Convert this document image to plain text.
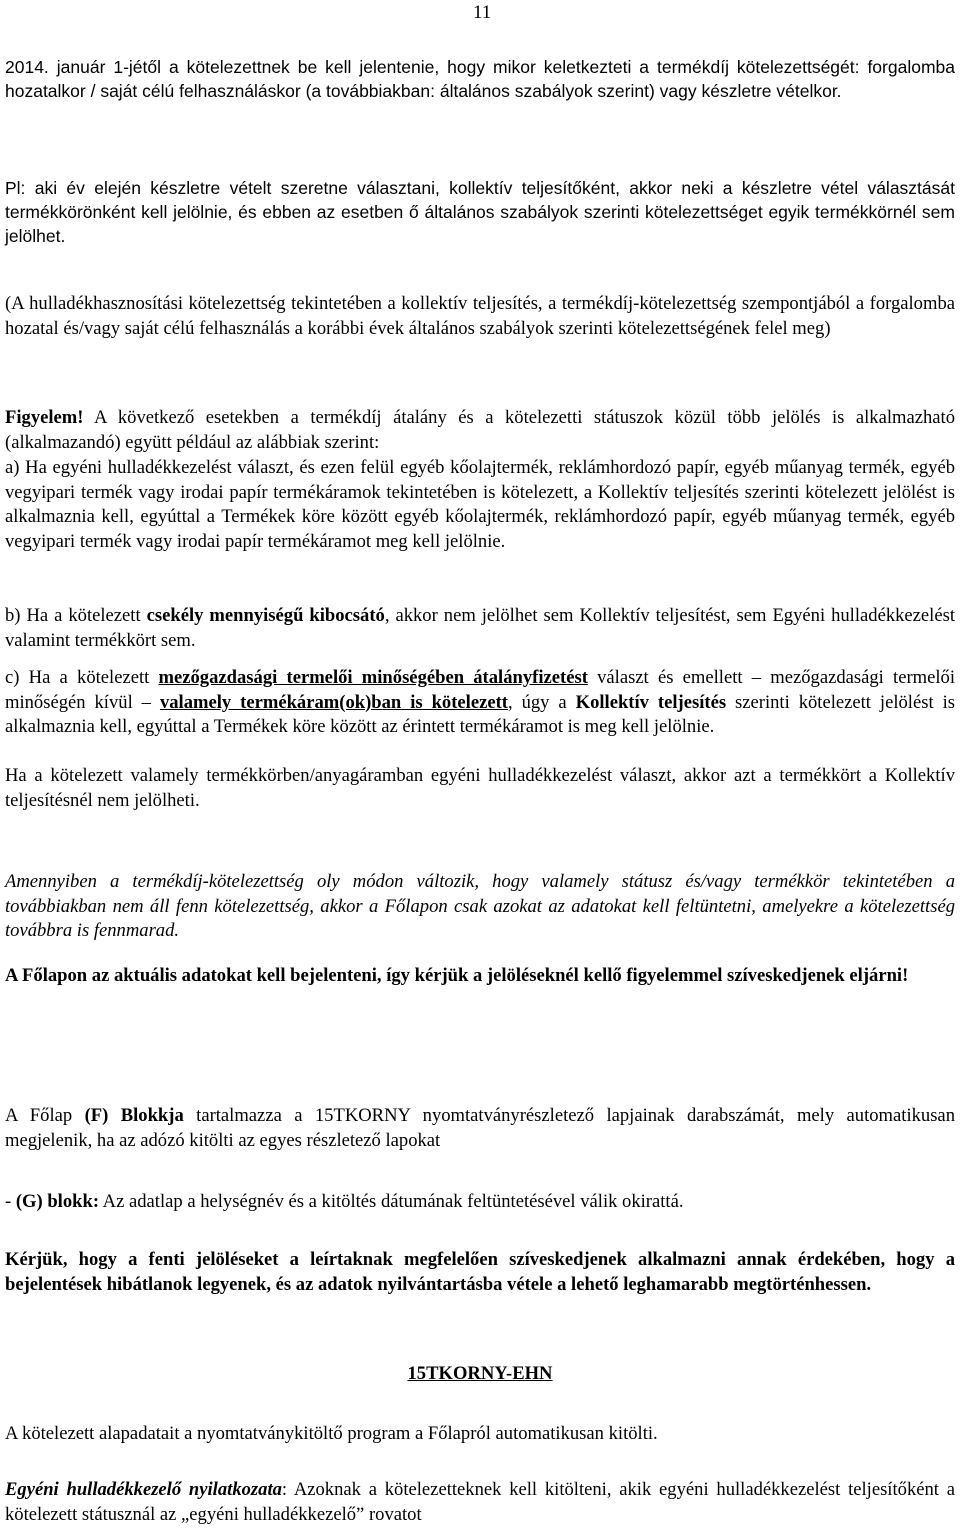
11

2014. január 1-jétől a kötelezettnek be kell jelentenie, hogy mikor keletkezteti a termékdíj kötelezettségét: forgalomba hozatalkor / saját célú felhasználáskor (a továbbiakban: általános szabályok szerint) vagy készletre vételkor.

Pl: aki év elején készletre vételt szeretne választani, kollektív teljesítőként, akkor neki a készletre vétel választását termékkörönként kell jelölnie, és ebben az esetben ő általános szabályok szerinti kötelezettséget egyik termékkörnél sem jelölhet.

(A hulladékhasznosítási kötelezettség tekintetében a kollektív teljesítés, a termékdíj-kötelezettség szempontjából a forgalomba hozatal és/vagy saját célú felhasználás a korábbi évek általános szabályok szerinti kötelezettségének felel meg)

Figyelem! A következő esetekben a termékdíj átalány és a kötelezetti státuszok közül több jelölés is alkalmazható (alkalmazandó) együtt például az alábbiak szerint:

a) Ha egyéni hulladékkezelést választ, és ezen felül egyéb kőolajtermék, reklámhordozó papír, egyéb műanyag termék, egyéb vegyipari termék vagy irodai papír termékáramok tekintetében is kötelezett, a Kollektív teljesítés szerinti kötelezett jelölést is alkalmaznia kell, egyúttal a Termékek köre között egyéb kőolajtermék, reklámhordozó papír, egyéb műanyag termék, egyéb vegyipari termék vagy irodai papír termékáramot meg kell jelölnie.

b) Ha a kötelezett csekély mennyiségű kibocsátó, akkor nem jelölhet sem Kollektív teljesítést, sem Egyéni hulladékkezelést valamint termékkört sem.

c) Ha a kötelezett mezőgazdasági termelői minőségében átalányfizetést választ és emellett – mezőgazdasági termelői minőségén kívül – valamely termékáram(ok)ban is kötelezett, úgy a Kollektív teljesítés szerinti kötelezett jelölést is alkalmaznia kell, egyúttal a Termékek köre között az érintett termékáramot is meg kell jelölnie.

Ha a kötelezett valamely termékkörben/anyagáramban egyéni hulladékkezelést választ, akkor azt a termékkört a Kollektív teljesítésnél nem jelölheti.

Amennyiben a termékdíj-kötelezettség oly módon változik, hogy valamely státusz és/vagy termékkör tekintetében a továbbiakban nem áll fenn kötelezettség, akkor a Főlapon csak azokat az adatokat kell feltüntetni, amelyekre a kötelezettség továbbra is fennmarad.

A Főlapon az aktuális adatokat kell bejelenteni, így kérjük a jelöléseknél kellő figyelemmel szíveskedjenek eljárni!

A Főlap (F) Blokkja tartalmazza a 15TKORNY nyomtatványrészletező lapjainak darabszámát, mely automatikusan megjelenik, ha az adózó kitölti az egyes részletező lapokat

- (G) blokk: Az adatlap a helységnév és a kitöltés dátumának feltüntetésével válik okirattá.

Kérjük, hogy a fenti jelöléseket a leírtaknak megfelelően szíveskedjenek alkalmazni annak érdekében, hogy a bejelentések hibátlanok legyenek, és az adatok nyilvántartásba vétele a lehető leghamarabb megtörténhessen.

15TKORNY-EHN

A kötelezett alapadatait a nyomtatványkitöltő program a Főlapról automatikusan kitölti.

Egyéni hulladékkezelő nyilatkozata: Azoknak a kötelezetteknek kell kitölteni, akik egyéni hulladékkezelést teljesítőként a kötelezett státusznál az „egyéni hulladékkezelő” rovatot
